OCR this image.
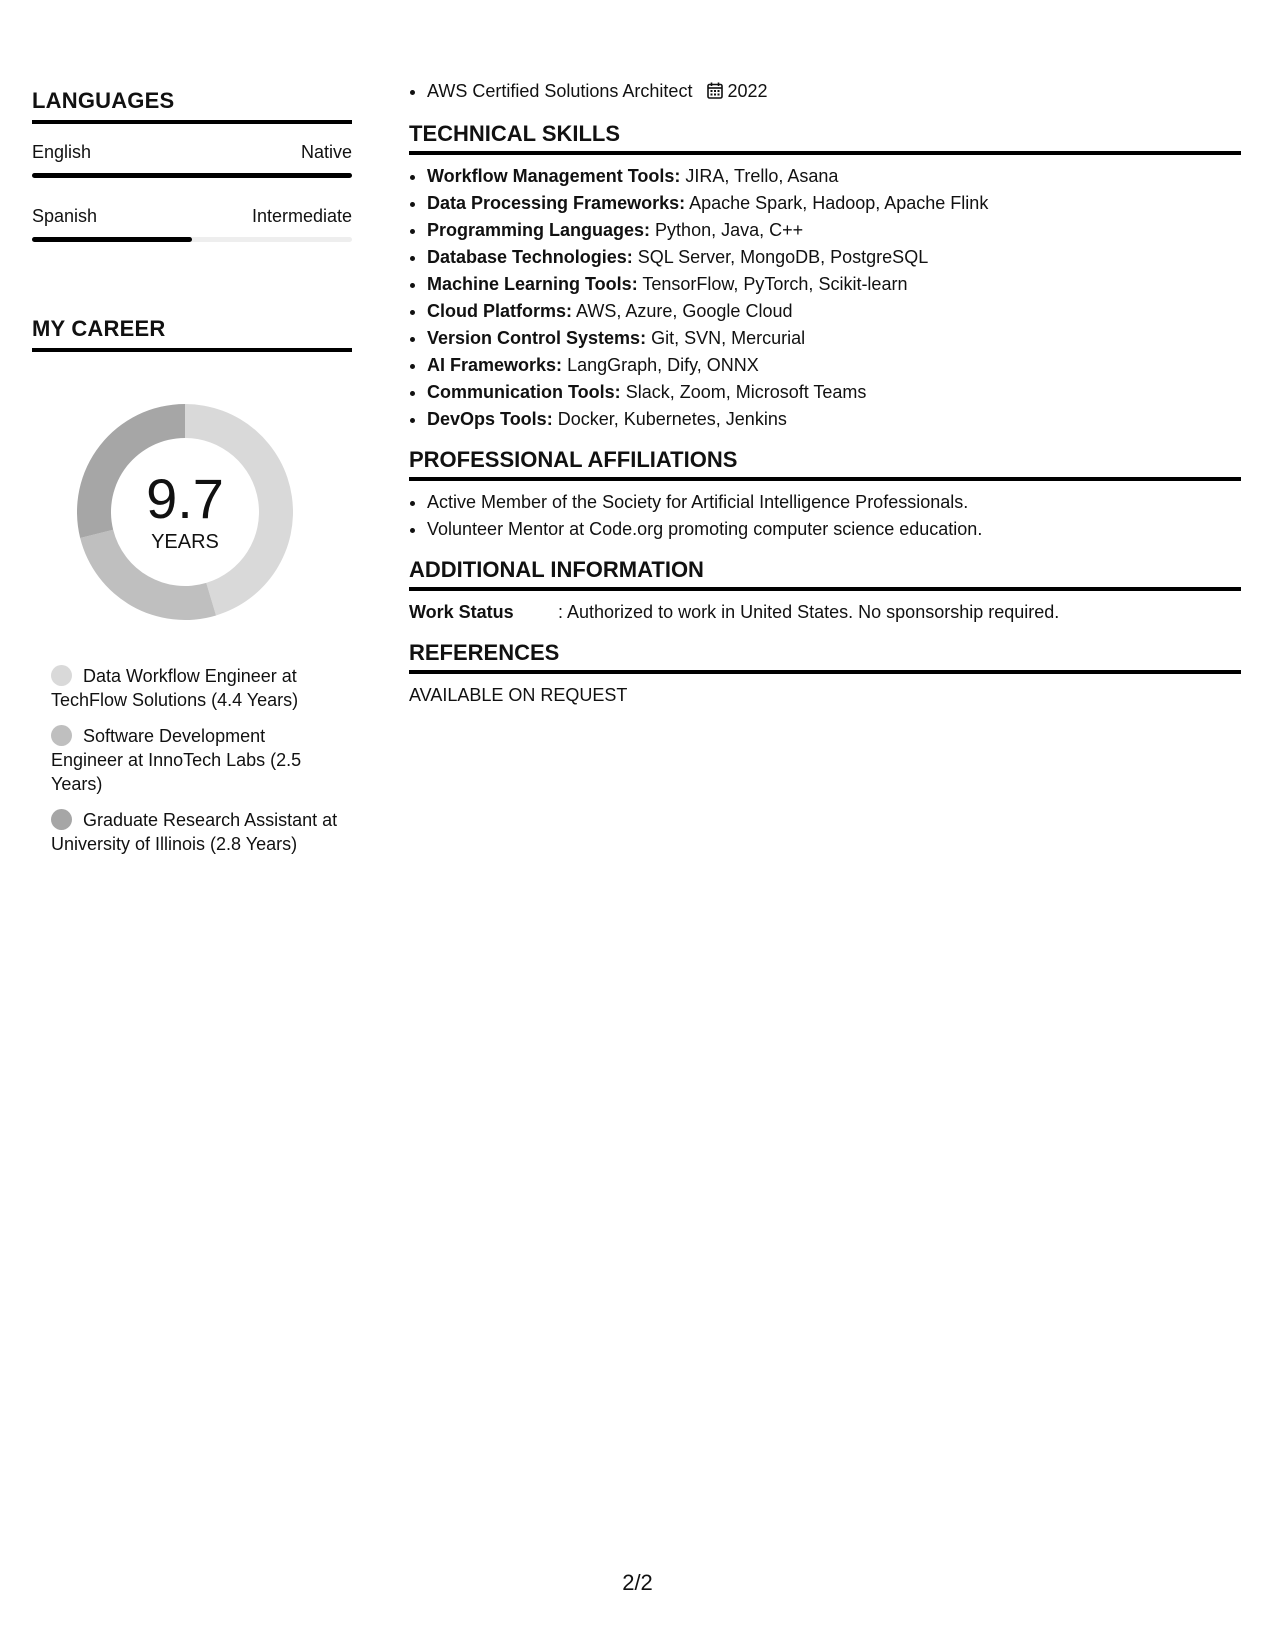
LANGUAGES
English	Native
Spanish	Intermediate
MY CAREER
9.7
YEARS
Data Workflow Engineer at TechFlow Solutions (4.4 Years)
Software Development Engineer at InnoTech Labs (2.5 Years)
Graduate Research Assistant at University of Illinois (2.8 Years)
• AWS Certified Solutions Architect 2022
TECHNICAL SKILLS
• Workflow Management Tools: JIRA, Trello, Asana
• Data Processing Frameworks: Apache Spark, Hadoop, Apache Flink
• Programming Languages: Python, Java, C++
• Database Technologies: SQL Server, MongoDB, PostgreSQL
• Machine Learning Tools: TensorFlow, PyTorch, Scikit-learn
• Cloud Platforms: AWS, Azure, Google Cloud
• Version Control Systems: Git, SVN, Mercurial
• AI Frameworks: LangGraph, Dify, ONNX
• Communication Tools: Slack, Zoom, Microsoft Teams
• DevOps Tools: Docker, Kubernetes, Jenkins
PROFESSIONAL AFFILIATIONS
• Active Member of the Society for Artificial Intelligence Professionals.
• Volunteer Mentor at Code.org promoting computer science education.
ADDITIONAL INFORMATION
Work Status	: Authorized to work in United States. No sponsorship required.
REFERENCES
AVAILABLE ON REQUEST
2/2
